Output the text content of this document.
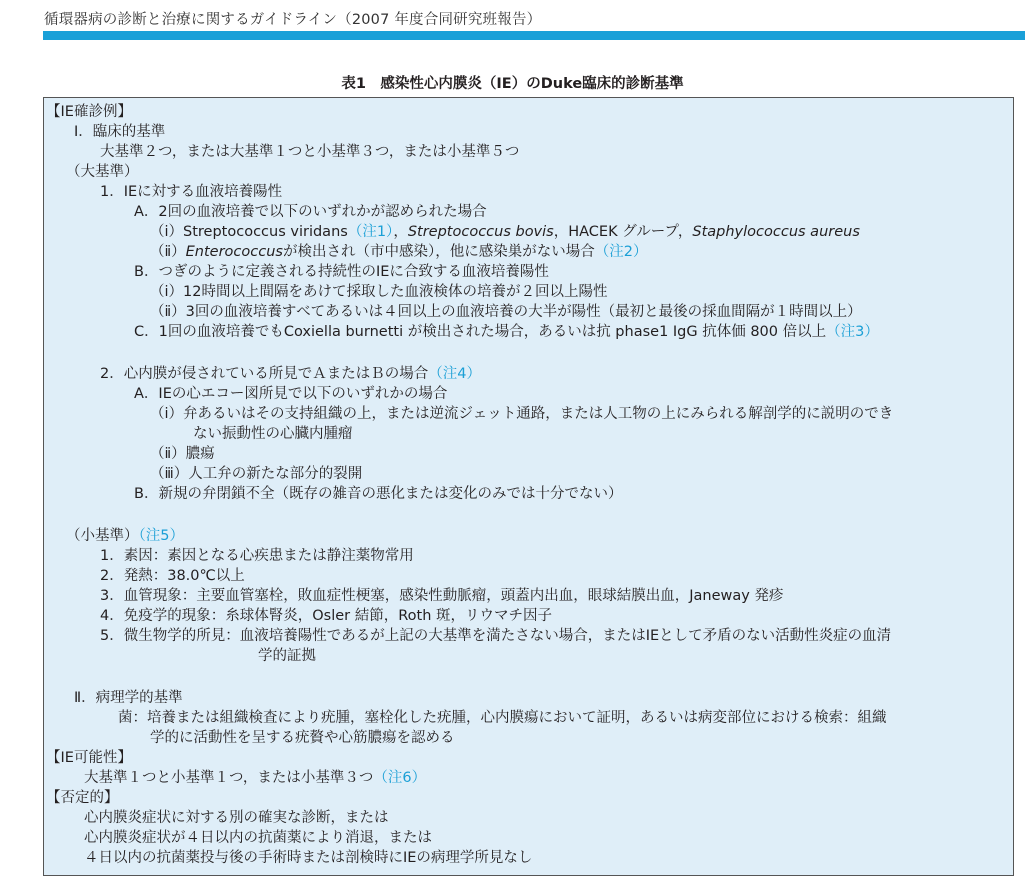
循環器病の診断と治療に関するガイドライン（2007 年度合同研究班報告）
表1　感染性心内膜炎（IE）のDuke臨床的診断基準
【IE確診例】
Ⅰ．臨床的基準
大基準２つ，または大基準１つと小基準３つ，または小基準５つ
（大基準）
1．IEに対する血液培養陽性
A．2回の血液培養で以下のいずれかが認められた場合
（ⅰ）Streptococcus viridans（注1），Streptococcus bovis，HACEK グループ，Staphylococcus aureus
（ⅱ）Enterococcusが検出され（市中感染），他に感染巣がない場合（注2）
B．つぎのように定義される持続性のIEに合致する血液培養陽性
（ⅰ）12時間以上間隔をあけて採取した血液検体の培養が２回以上陽性
（ⅱ）3回の血液培養すべてあるいは４回以上の血液培養の大半が陽性（最初と最後の採血間隔が１時間以上）
C．1回の血液培養でもCoxiella burnetti が検出された場合，あるいは抗 phase1 IgG 抗体価 800 倍以上（注3）
2．心内膜が侵されている所見でＡまたはＢの場合（注4）
A．IEの心エコー図所見で以下のいずれかの場合
（ⅰ）弁あるいはその支持組織の上，または逆流ジェット通路，または人工物の上にみられる解剖学的に説明のでき
ない振動性の心臓内腫瘤
（ⅱ）膿瘍
（ⅲ）人工弁の新たな部分的裂開
B．新規の弁閉鎖不全（既存の雑音の悪化または変化のみでは十分でない）
（小基準）（注5）
1．素因：素因となる心疾患または静注薬物常用
2．発熱：38.0℃以上
3．血管現象：主要血管塞栓，敗血症性梗塞，感染性動脈瘤，頭蓋内出血，眼球結膜出血，Janeway 発疹
4．免疫学的現象：糸球体腎炎，Osler 結節，Roth 斑，リウマチ因子
5．微生物学的所見：血液培養陽性であるが上記の大基準を満たさない場合，またはIEとして矛盾のない活動性炎症の血清
学的証拠
Ⅱ．病理学的基準
菌：培養または組織検査により疣腫，塞栓化した疣腫，心内膜瘍において証明，あるいは病変部位における検索：組織
学的に活動性を呈する疣贅や心筋膿瘍を認める
【IE可能性】
大基準１つと小基準１つ，または小基準３つ（注6）
【否定的】
心内膜炎症状に対する別の確実な診断，または
心内膜炎症状が４日以内の抗菌薬により消退，または
４日以内の抗菌薬投与後の手術時または剖検時にIEの病理学所見なし
